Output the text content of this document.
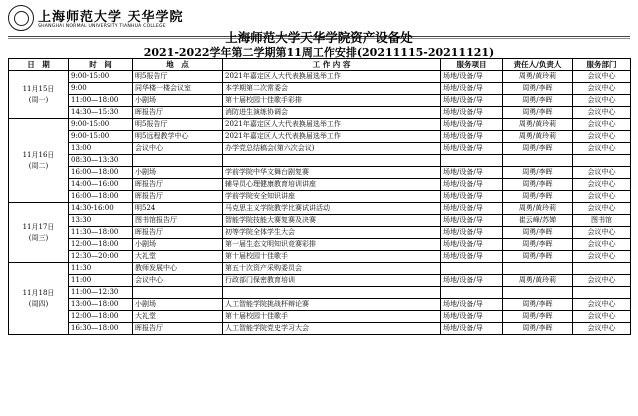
上海师范大学 天华学院
SHANGHAI NORMAL UNIVERSITY TIANHUA COLLEGE
上海师范大学天华学院资产设备处
2021-2022学年第二学期第11周工作安排(20211115-20211121)
日　期	时　间	地　点	工 作 内 容	服务项目	责任人/负责人	服务部门

11月15日
(周一)	9:00-15:00	明5报告厅	2021年嘉定区人大代表换届选举工作	场地/设备/导	周勇/黄玲莉	会议中心
	9:00	同华楼一楼会议室	本学期第二次常委会	场地/设备/导	周勇/李晖	会议中心
	11:00—18:00	小剧场	第十届校园十佳歌手彩排	场地/设备/导	周勇/李晖	会议中心
	14:30—15:30	晖报告厅	消防进生演练协调会	场地/设备/导	周勇/李晖	会议中心

11月16日
(周二)	9:00-15:00	明5报告厅	2021年嘉定区人大代表换届选举工作	场地/设备/导	周勇/黄玲莉	会议中心
	9:00-15:00	明5远程教学中心	2021年嘉定区人大代表换届选举工作	场地/设备/导	周勇/黄玲莉	会议中心
	13:00	会议中心	办学党总结稿会(第六次会议)	场地/设备/导	周勇/李晖	会议中心
	08:30—13:30					
	16:00—18:00	小剧场	学前学院中华文舞台剧复赛	场地/设备/导	周勇/李晖	会议中心
	14:00—16:00	晖报告厅	辅导员心理健康教育培训讲座	场地/设备/导	周勇/李晖	会议中心
	16:00—18:00	晖报告厅	学前学院安全知识讲座	场地/设备/导	周勇/李晖	会议中心

11月17日
(周三)	14:30-16:00	明524	马克思主义学院教学比赛试讲活动	场地/设备/导	周勇/黄玲莉	会议中心
	13:30	图书馆报告厅	智能学院技能大赛复赛及决赛	场地/设备/导	崔云峰/苏婵	图书馆
	11:30—18:00	晖报告厅	初等学院全体学生大会	场地/设备/导	周勇/李晖	会议中心
	12:00—18:00	小剧场	第一届生态文明知识竞赛彩排	场地/设备/导	周勇/李晖	会议中心
	12:30—20:00	大礼堂	第十届校园十佳歌手	场地/设备/导	周勇/李晖	会议中心

11月18日
(周四)	11:30	教师发展中心	第五十次资产采购委员会			
	11:00	会议中心	行政部门保密教育培训	场地/设备/导	周勇/黄玲莉	会议中心
	11:00—12:30					
	13:00—18:00	小剧场	人工智能学院挑战杯辩论赛	场地/设备/导	周勇/李晖	会议中心
	12:00—18:00	大礼堂	第十届校园十佳歌手	场地/设备/导	周勇/李晖	会议中心
	16:30—18:00	晖报告厅	人工智能学院党史学习大会	场地/设备/导	周勇/李晖	会议中心
